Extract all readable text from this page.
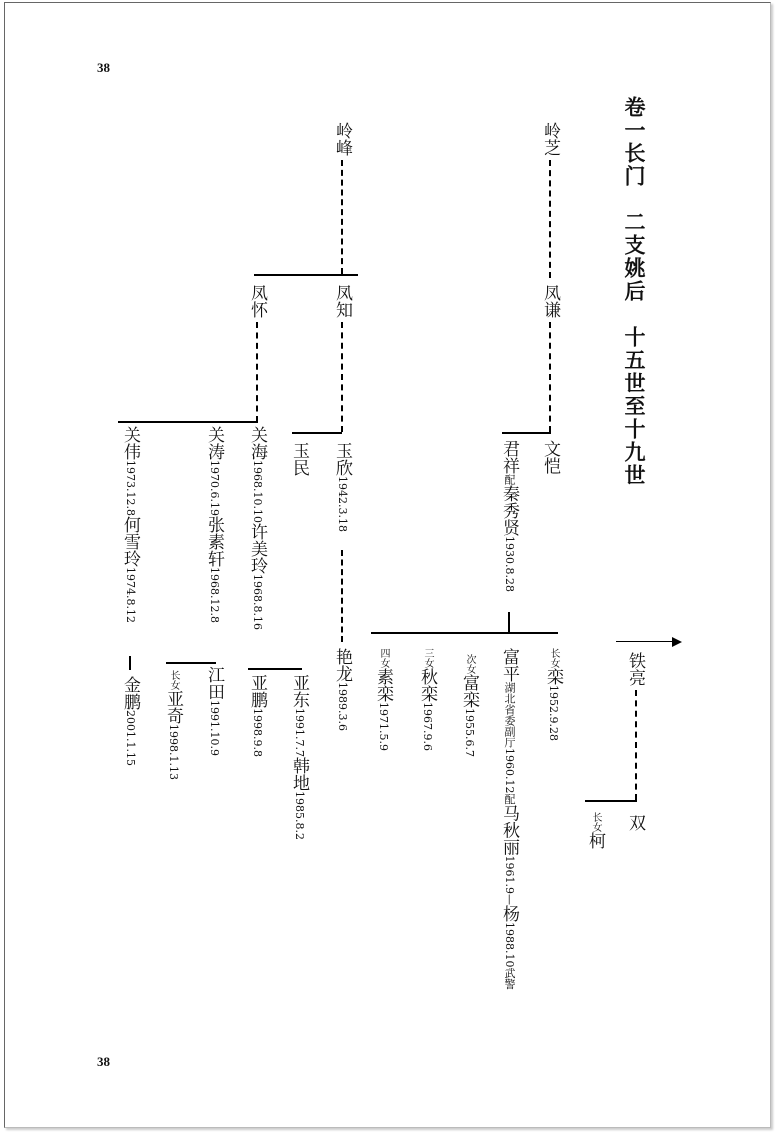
38
38
卷一长门　二支姚后　十五世至十九世
岭芝
岭峰
凤谦
凤知
凤怀
文恺
君祥配秦秀贤1930.8.28
玉民 玉欣1942.3.18
关海1968.10.10许美玲1968.8.16
关涛1970.6.19张素轩1968.12.8
关伟1973.12.8何雪玲1974.8.12
长女栾1952.9.28
富平湖北省委副厅1960.12配马秋丽1961.9—杨1988.10武警
次女富栾1955.6.7
三女秋栾1967.9.6
四女素栾1971.5.9
艳龙1989.3.6
亚东1991.7.7韩地1985.8.2
亚鹏1998.9.8
江田1991.10.9
长女亚奇1998.1.13
金鹏2001.1.15
铁亮
双
长女柯
